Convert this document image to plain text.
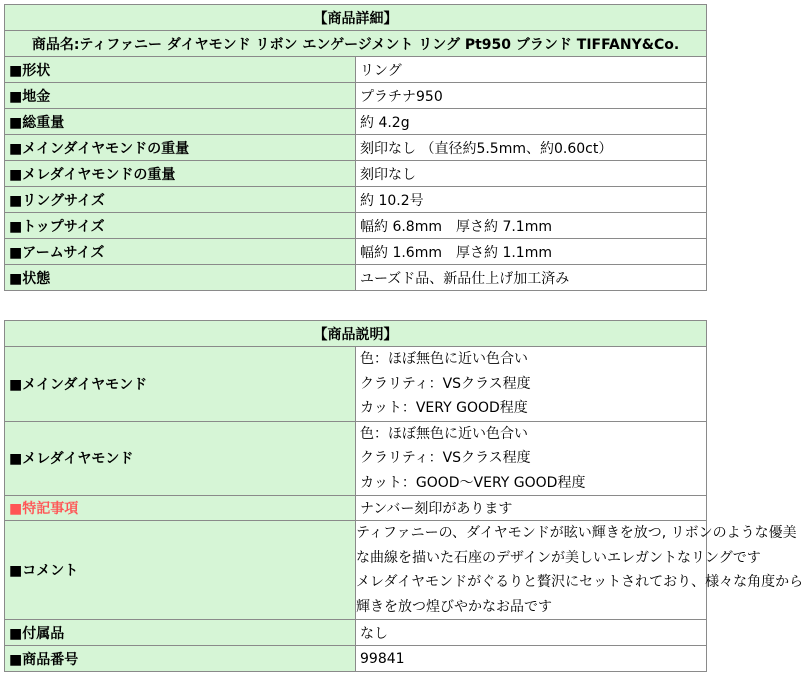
【商品詳細】	
商品名:ティファニー ダイヤモンド リボン エンゲージメント リング Pt950 ブランド TIFFANY&Co.	
■形状	リング
■地金	プラチナ950
■総重量	約 4.2g
■メインダイヤモンドの重量	刻印なし （直径約5.5mm、約0.60ct）
■メレダイヤモンドの重量	刻印なし
■リングサイズ	約 10.2号
■トップサイズ	幅約 6.8mm　厚さ約 7.1mm
■アームサイズ	幅約 1.6mm　厚さ約 1.1mm
■状態	ユーズド品、新品仕上げ加工済み
【商品説明】	
■メインダイヤモンド	色：ほぼ無色に近い色合い
クラリティ：VSクラス程度
カット：VERY GOOD程度

■メレダイヤモンド	色：ほぼ無色に近い色合い
クラリティ：VSクラス程度
カット：GOOD～VERY GOOD程度

■特記事項	ナンバー刻印があります
■コメント	ティファニーの、ダイヤモンドが眩い輝きを放つ, リボンのような優美
な曲線を描いた石座のデザインが美しいエレガントなリングです
メレダイヤモンドがぐるりと贅沢にセットされており、様々な角度から
輝きを放つ煌びやかなお品です

■付属品	なし
■商品番号	99841
